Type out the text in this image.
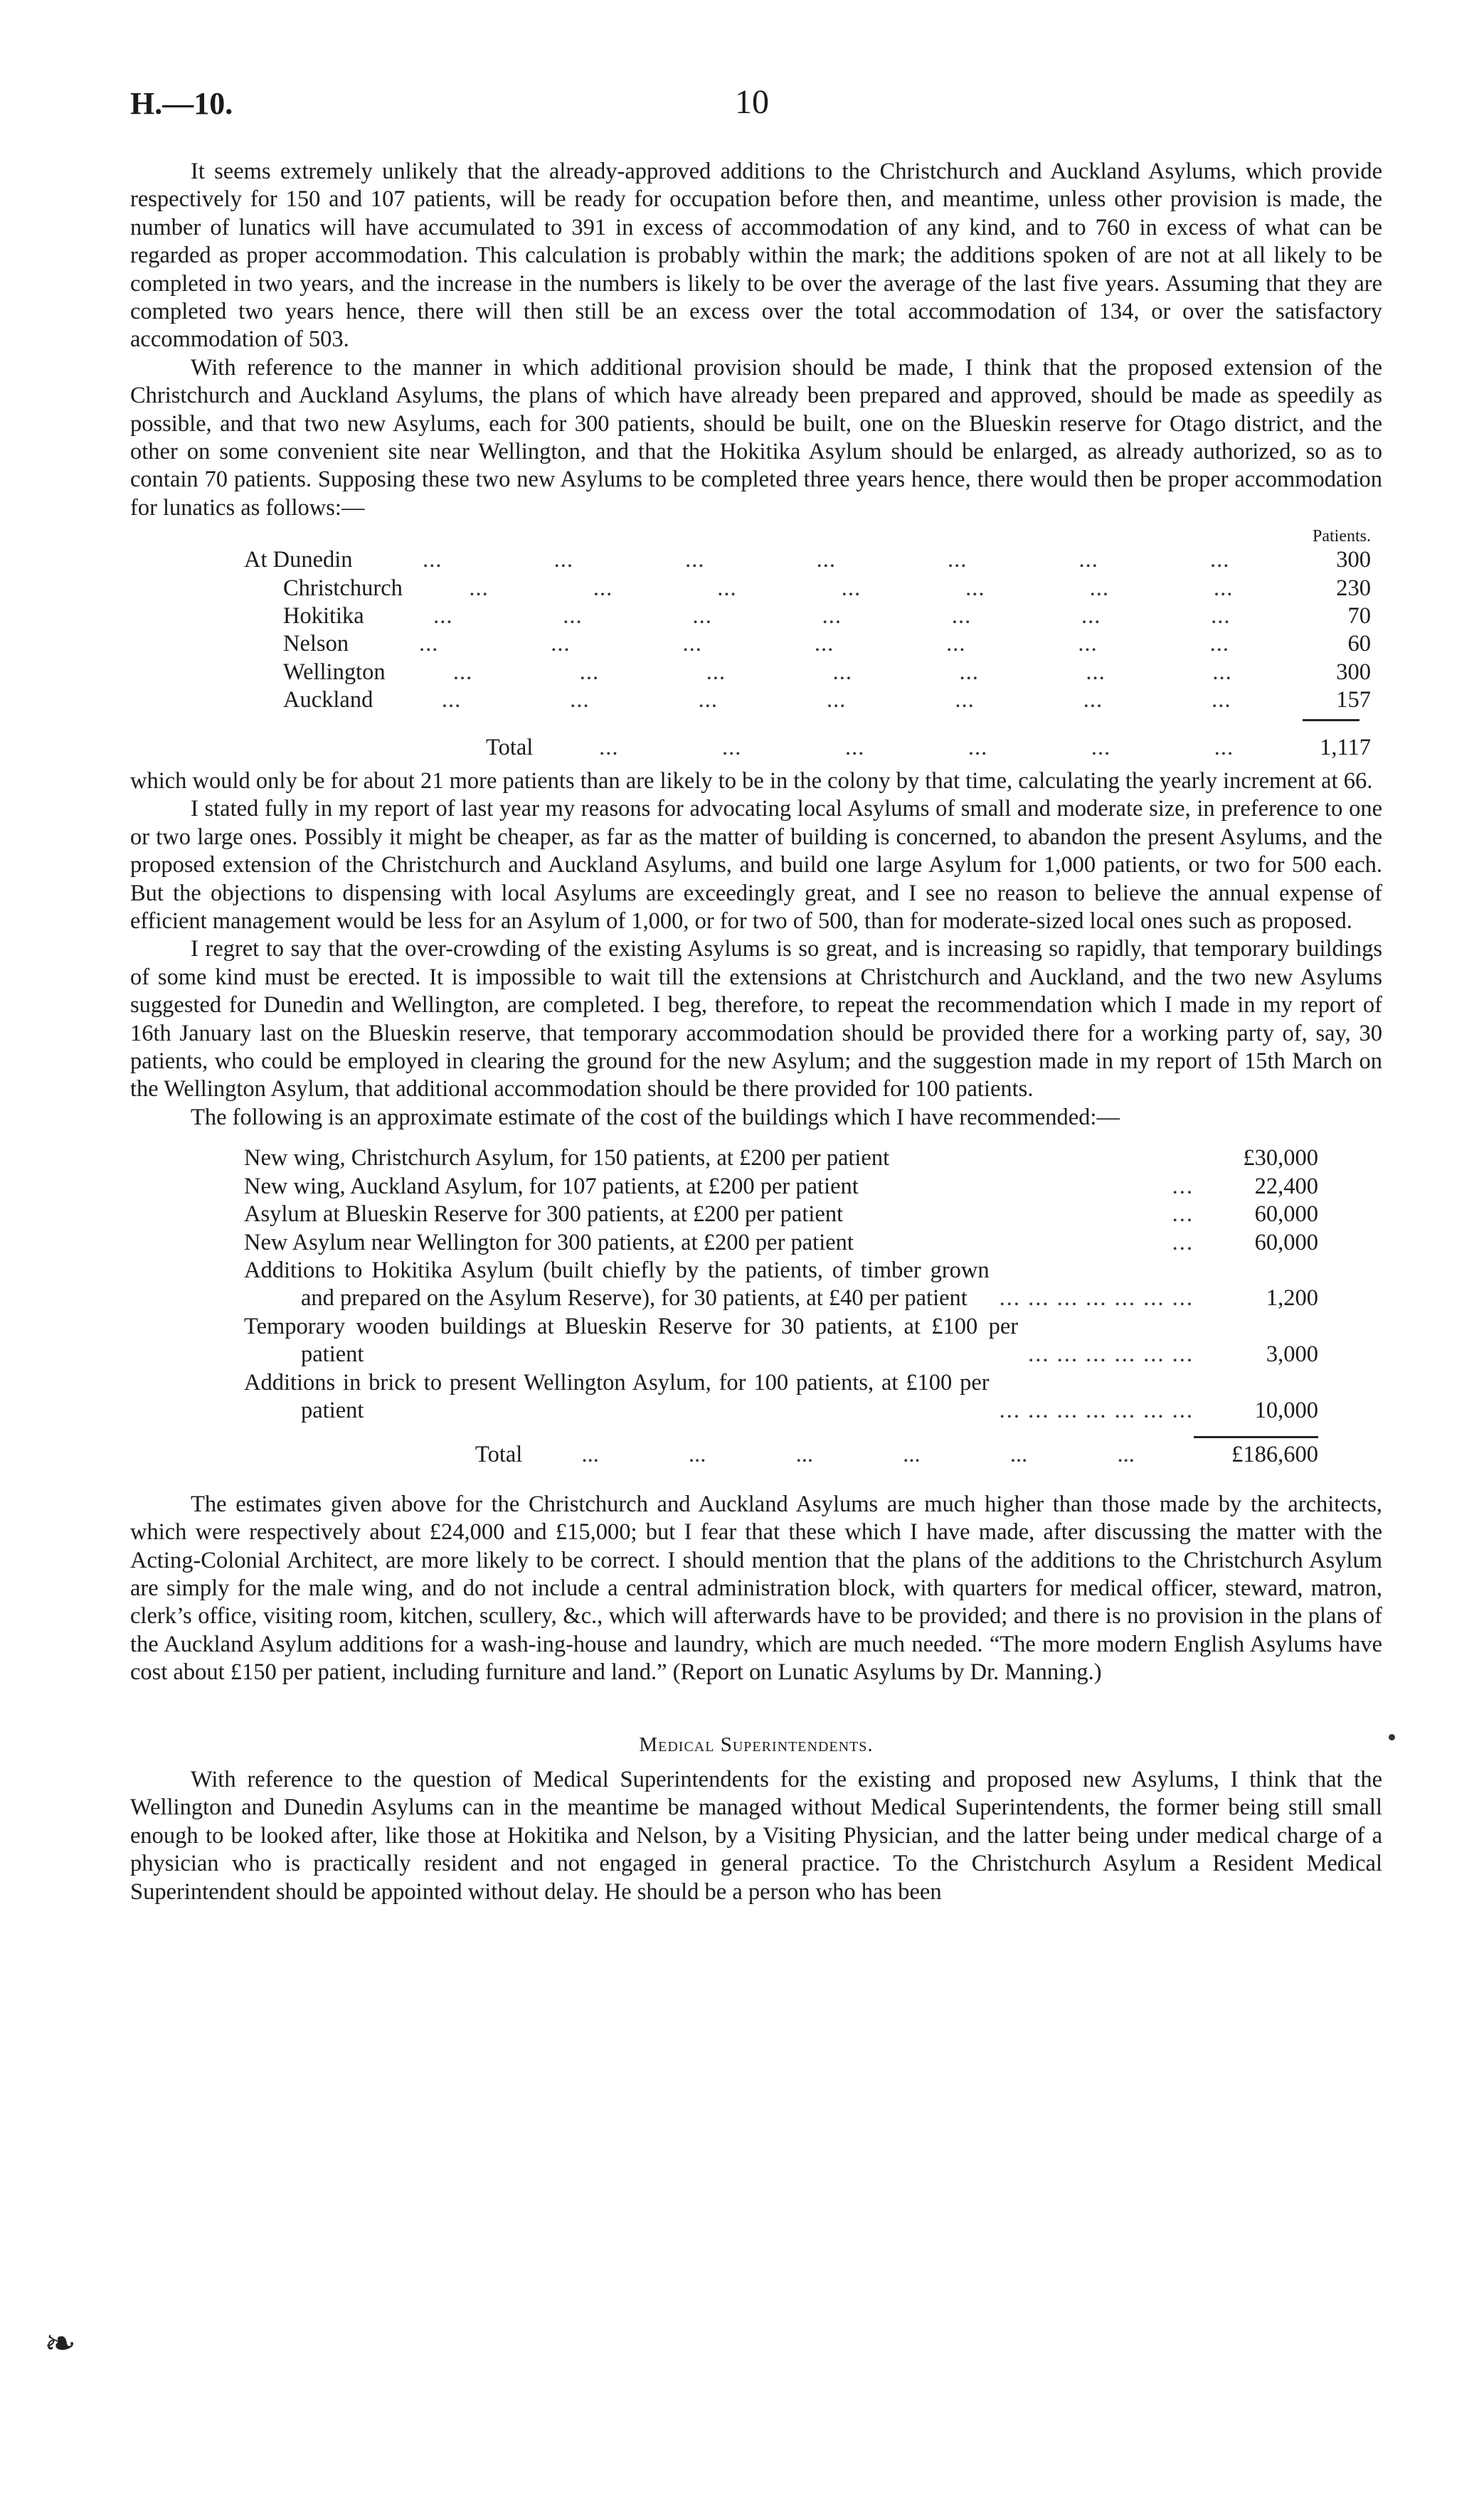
H.—10.	10

It seems extremely unlikely that the already-approved additions to the Christchurch and Auckland Asylums, which provide respectively for 150 and 107 patients, will be ready for occupation before then, and meantime, unless other provision is made, the number of lunatics will have accumulated to 391 in excess of accommodation of any kind, and to 760 in excess of what can be regarded as proper accommodation. This calculation is probably within the mark; the additions spoken of are not at all likely to be completed in two years, and the increase in the numbers is likely to be over the average of the last five years. Assuming that they are completed two years hence, there will then still be an excess over the total accommodation of 134, or over the satisfactory accommodation of 503.

With reference to the manner in which additional provision should be made, I think that the proposed extension of the Christchurch and Auckland Asylums, the plans of which have already been prepared and approved, should be made as speedily as possible, and that two new Asylums, each for 300 patients, should be built, one on the Blueskin reserve for Otago district, and the other on some convenient site near Wellington, and that the Hokitika Asylum should be enlarged, as already authorized, so as to contain 70 patients. Supposing these two new Asylums to be completed three years hence, there would then be proper accommodation for lunatics as follows:—

Patients.
At Dunedin	...	...	...	...	...	...	...	300
Christchurch	...	...	...	...	...	...	...	230
Hokitika	...	...	...	...	...	...	...	70
Nelson	...	...	...	...	...	...	...	60
Wellington	...	...	...	...	...	...	...	300
Auckland	...	...	...	...	...	...	...	157
Total	...	...	...	...	...	...	1,117

which would only be for about 21 more patients than are likely to be in the colony by that time, calculating the yearly increment at 66.

I stated fully in my report of last year my reasons for advocating local Asylums of small and moderate size, in preference to one or two large ones. Possibly it might be cheaper, as far as the matter of building is concerned, to abandon the present Asylums, and the proposed extension of the Christchurch and Auckland Asylums, and build one large Asylum for 1,000 patients, or two for 500 each. But the objections to dispensing with local Asylums are exceedingly great, and I see no reason to believe the annual expense of efficient management would be less for an Asylum of 1,000, or for two of 500, than for moderate-sized local ones such as proposed.

I regret to say that the over-crowding of the existing Asylums is so great, and is increasing so rapidly, that temporary buildings of some kind must be erected. It is impossible to wait till the extensions at Christchurch and Auckland, and the two new Asylums suggested for Dunedin and Wellington, are completed. I beg, therefore, to repeat the recommendation which I made in my report of 16th January last on the Blueskin reserve, that temporary accommodation should be provided there for a working party of, say, 30 patients, who could be employed in clearing the ground for the new Asylum; and the suggestion made in my report of 15th March on the Wellington Asylum, that additional accommodation should be there provided for 100 patients.

The following is an approximate estimate of the cost of the buildings which I have recommended:—

New wing, Christchurch Asylum, for 150 patients, at £200 per patient	£30,000
New wing, Auckland Asylum, for 107 patients, at £200 per patient	...	22,400
Asylum at Blueskin Reserve for 300 patients, at £200 per patient	...	60,000
New Asylum near Wellington for 300 patients, at £200 per patient	...	60,000
Additions to Hokitika Asylum (built chiefly by the patients, of timber grown and prepared on the Asylum Reserve), for 30 patients, at £40 per patient	... ... ... ... ... ... ...	1,200
Temporary wooden buildings at Blueskin Reserve for 30 patients, at £100 per patient	... ... ... ... ... ...	3,000
Additions in brick to present Wellington Asylum, for 100 patients, at £100 per patient	... ... ... ... ... ... ...	10,000
Total	...	...	...	...	...	...	£186,600

The estimates given above for the Christchurch and Auckland Asylums are much higher than those made by the architects, which were respectively about £24,000 and £15,000; but I fear that these which I have made, after discussing the matter with the Acting-Colonial Architect, are more likely to be correct. I should mention that the plans of the additions to the Christchurch Asylum are simply for the male wing, and do not include a central administration block, with quarters for medical officer, steward, matron, clerk’s office, visiting room, kitchen, scullery, &c., which will afterwards have to be provided; and there is no provision in the plans of the Auckland Asylum additions for a wash-ing-house and laundry, which are much needed. “The more modern English Asylums have cost about £150 per patient, including furniture and land.” (Report on Lunatic Asylums by Dr. Manning.)

Medical Superintendents.

With reference to the question of Medical Superintendents for the existing and proposed new Asylums, I think that the Wellington and Dunedin Asylums can in the meantime be managed without Medical Superintendents, the former being still small enough to be looked after, like those at Hokitika and Nelson, by a Visiting Physician, and the latter being under medical charge of a physician who is practically resident and not engaged in general practice. To the Christchurch Asylum a Resident Medical Superintendent should be appointed without delay. He should be a person who has been

❧
